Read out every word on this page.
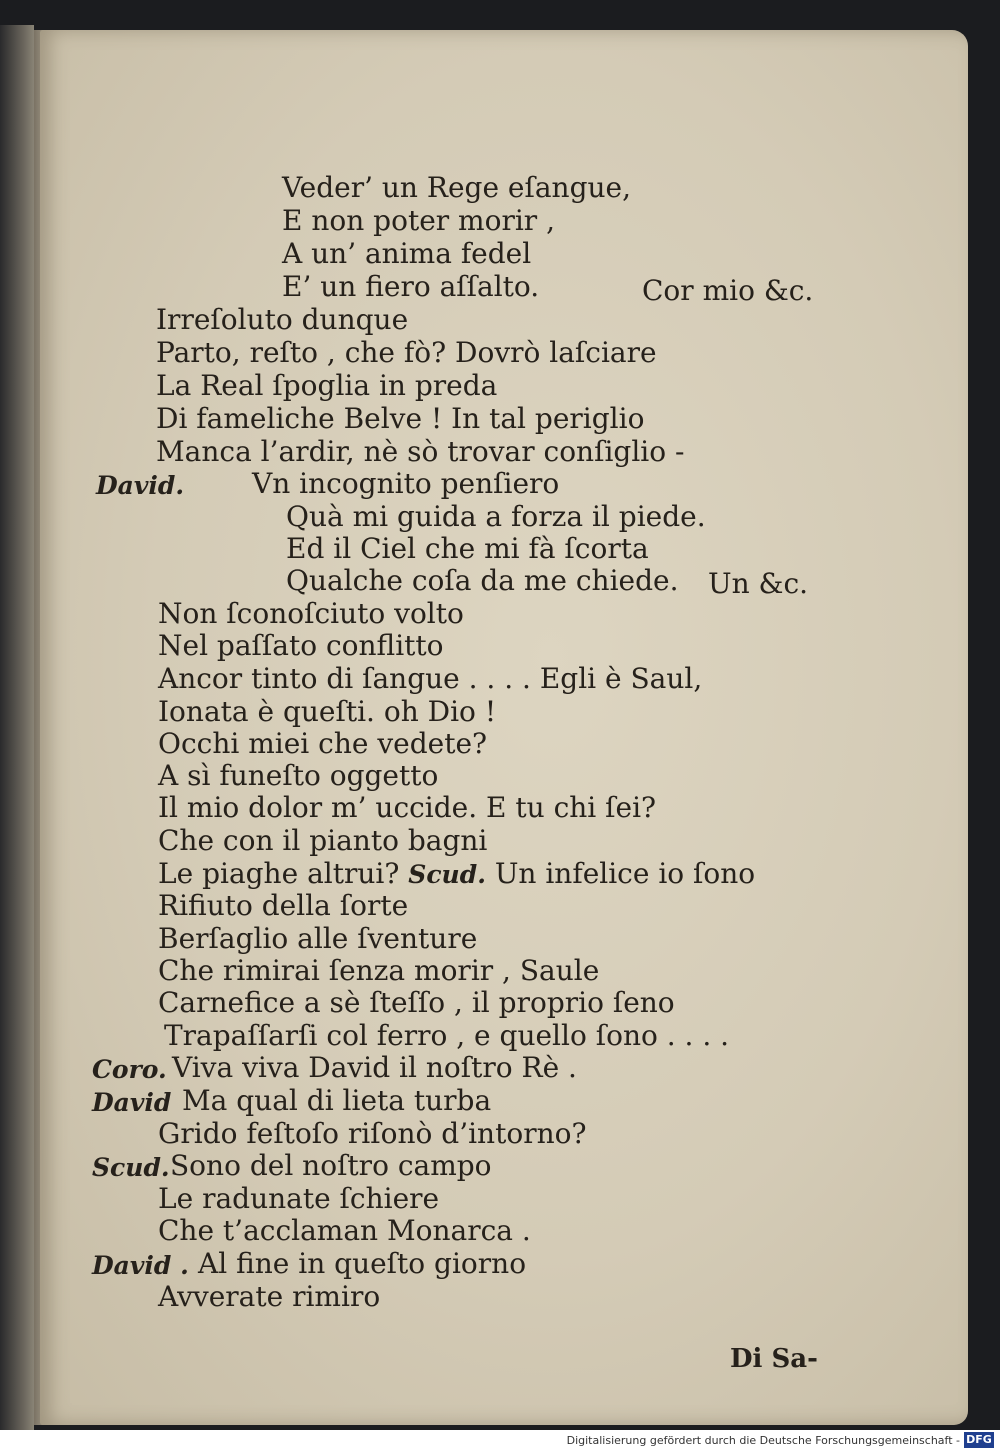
Veder’ un Rege eſangue,
E non poter morir ,
A un’ anima fedel
E’ un fiero aſſalto.	Cor mio &c.
Irreſoluto dunque
Parto, reſto , che fò? Dovrò laſciare
La Real ſpoglia in preda
Di fameliche Belve ! In tal periglio
Manca l’ardir, nè sò trovar conſiglio -
David. Vn incognito penſiero
Quà mi guida a forza il piede.
Ed il Ciel che mi fà ſcorta
Qualche coſa da me chiede. Un &c.
Non ſconoſciuto volto
Nel paſſato conflitto
Ancor tinto di ſangue . . . . Egli è Saul,
Ionata è queſti. oh Dio !
Occhi miei che vedete?
A sì funeſto oggetto
Il mio dolor m’ uccide. E tu chi ſei?
Che con il pianto bagni
Le piaghe altrui? Scud. Un infelice io ſono
Rifiuto della ſorte
Berſaglio alle ſventure
Che rimirai ſenza morir , Saule
Carnefice a sè ſteſſo , il proprio ſeno
Trapaſſarſi col ferro , e quello ſono . . . .
Coro. Viva viva David il noſtro Rè .
David Ma qual di lieta turba
Grido feſtoſo riſonò d’intorno?
Scud. Sono del noſtro campo
Le radunate ſchiere
Che t’acclaman Monarca .
David . Al fine in queſto giorno
Avverate rimiro
Di Sa-
Digitalisierung gefördert durch die Deutsche Forschungsgemeinschaft - DFG
